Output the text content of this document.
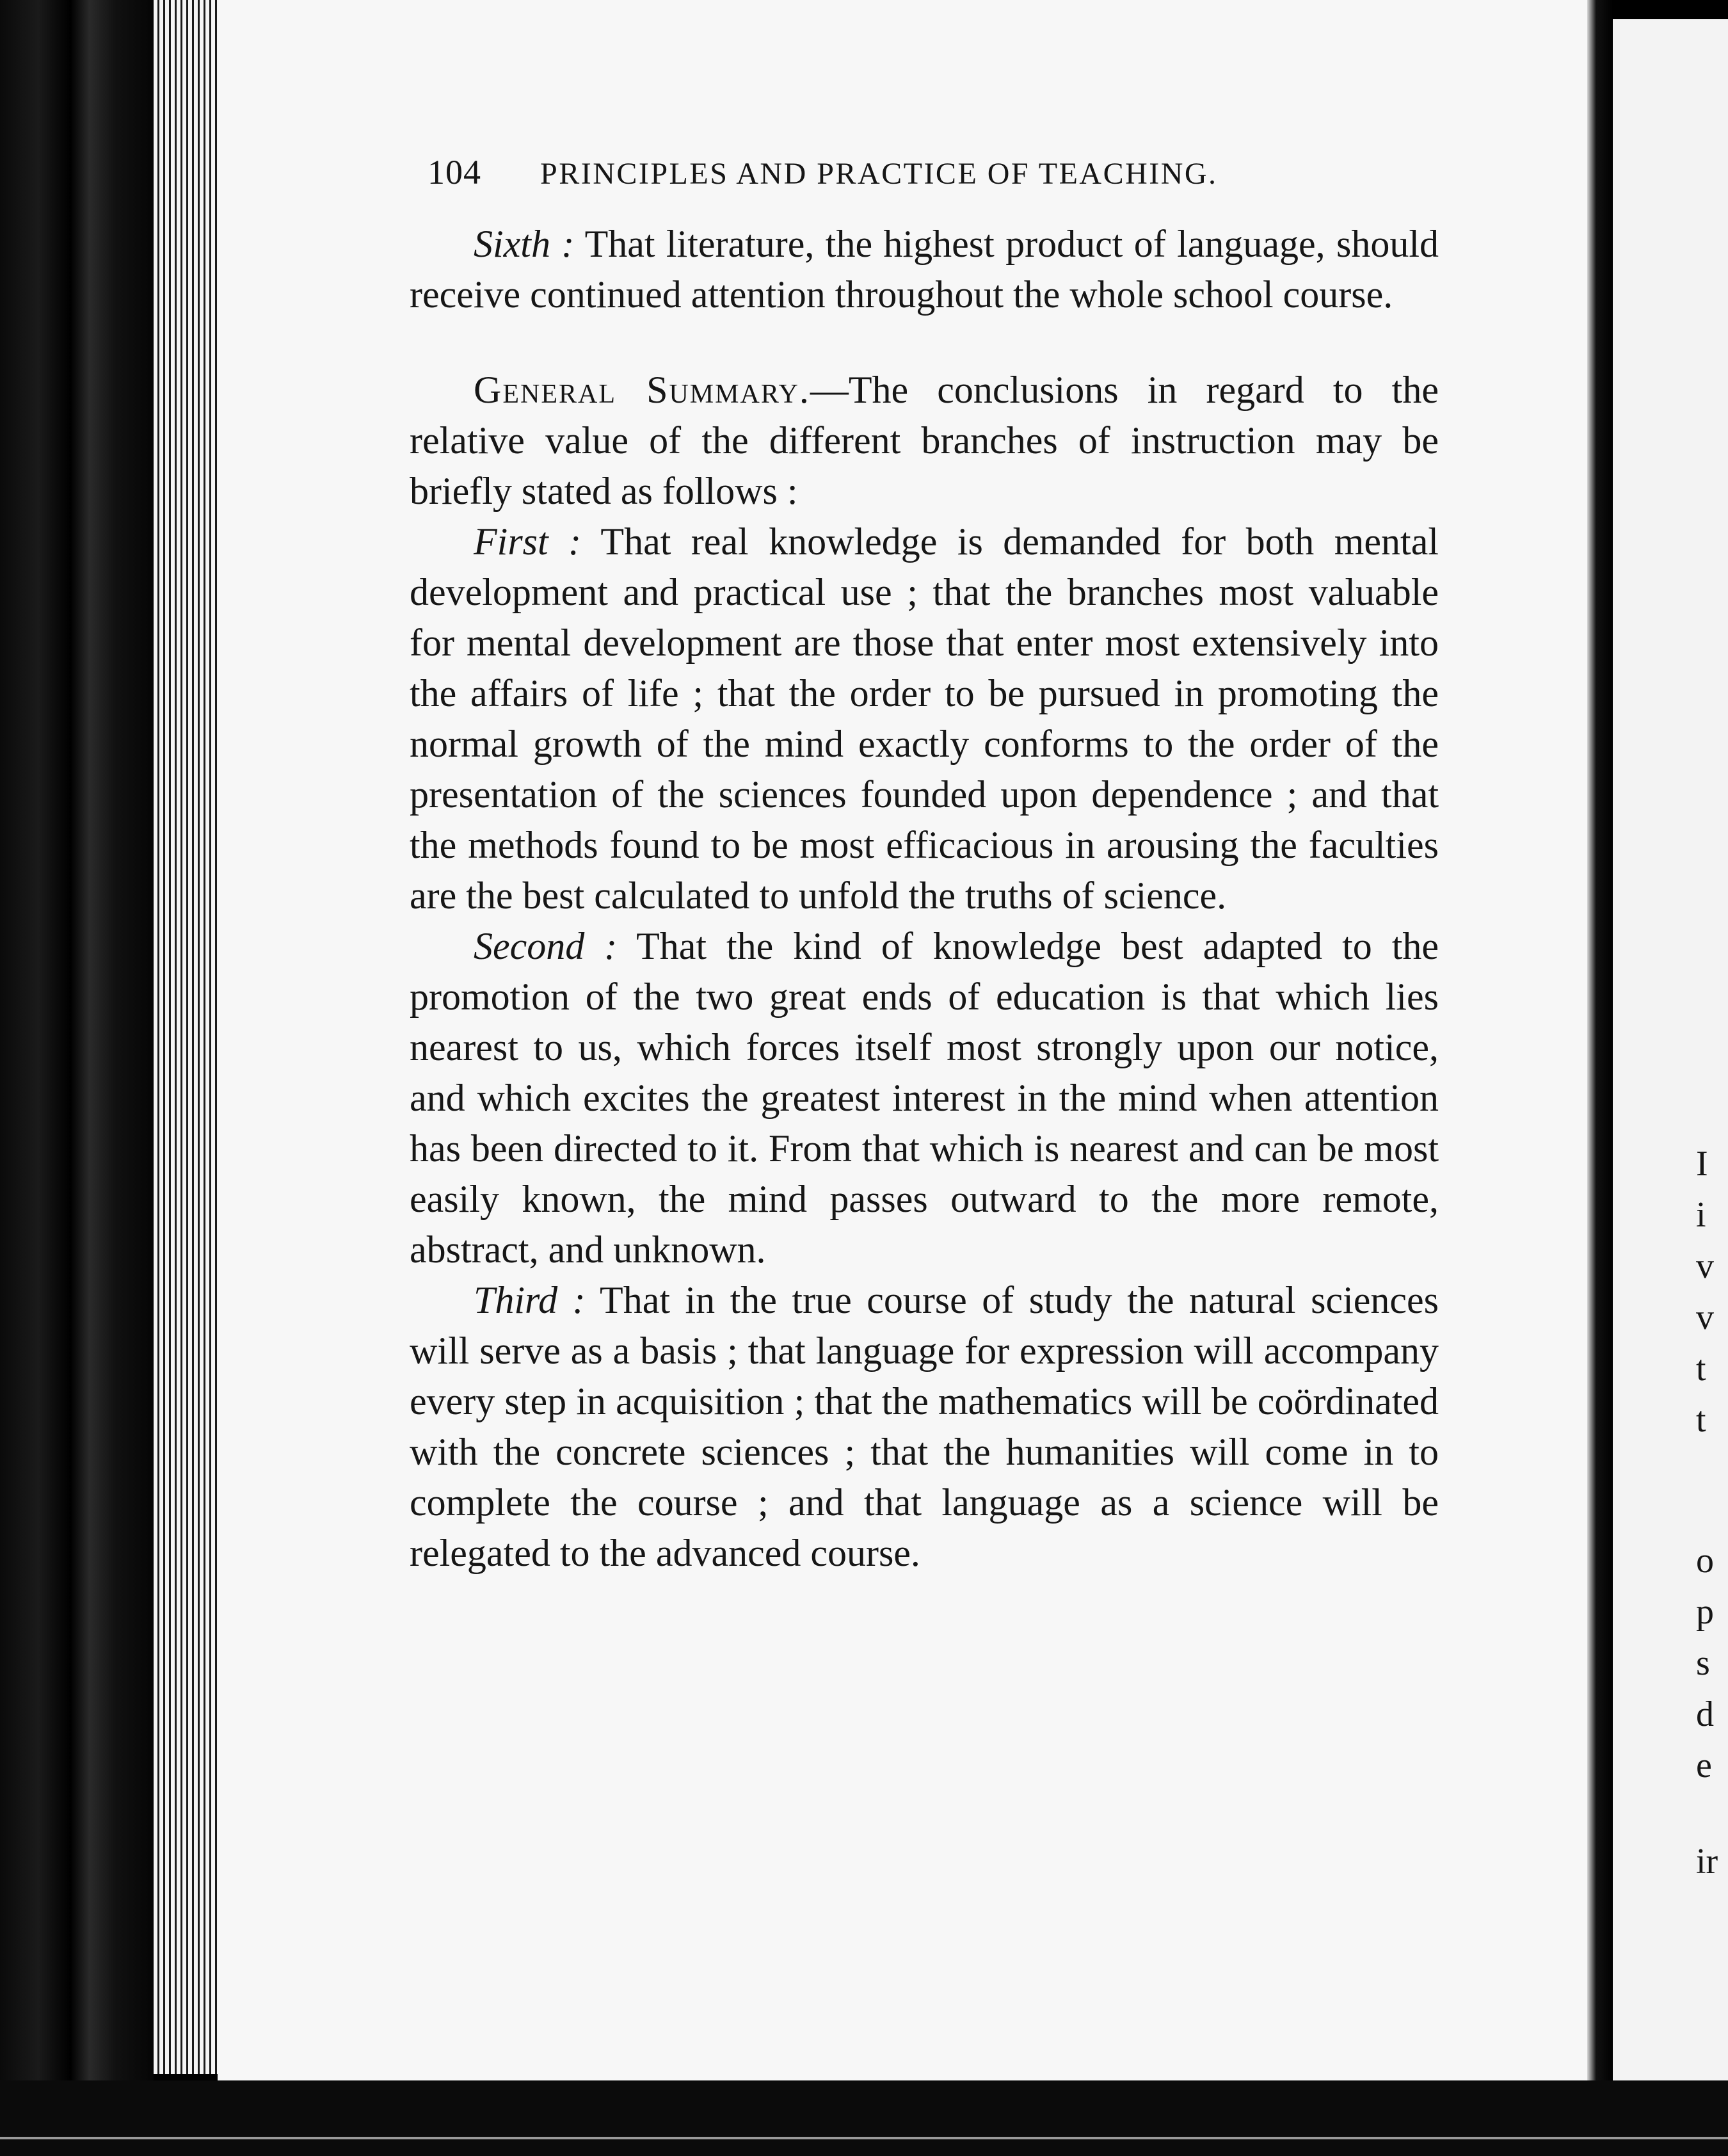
I
i
v
v
t
t
o
p
s
d
e
ir
104	PRINCIPLES AND PRACTICE OF TEACHING.

Sixth : That literature, the highest product of language, should receive continued attention throughout the whole school course.

General Summary.—The conclusions in regard to the relative value of the different branches of instruction may be briefly stated as follows :

First : That real knowledge is demanded for both mental development and practical use ; that the branches most valuable for mental development are those that enter most extensively into the affairs of life ; that the order to be pursued in promoting the normal growth of the mind exactly conforms to the order of the presentation of the sciences founded upon dependence ; and that the methods found to be most efficacious in arousing the faculties are the best calculated to unfold the truths of science.

Second : That the kind of knowledge best adapted to the promotion of the two great ends of education is that which lies nearest to us, which forces itself most strongly upon our notice, and which excites the greatest interest in the mind when attention has been directed to it. From that which is nearest and can be most easily known, the mind passes outward to the more remote, abstract, and unknown.

Third : That in the true course of study the natural sciences will serve as a basis ; that language for expression will accompany every step in acquisition ; that the mathematics will be coördinated with the concrete sciences ; that the humanities will come in to complete the course ; and that language as a science will be relegated to the advanced course.
